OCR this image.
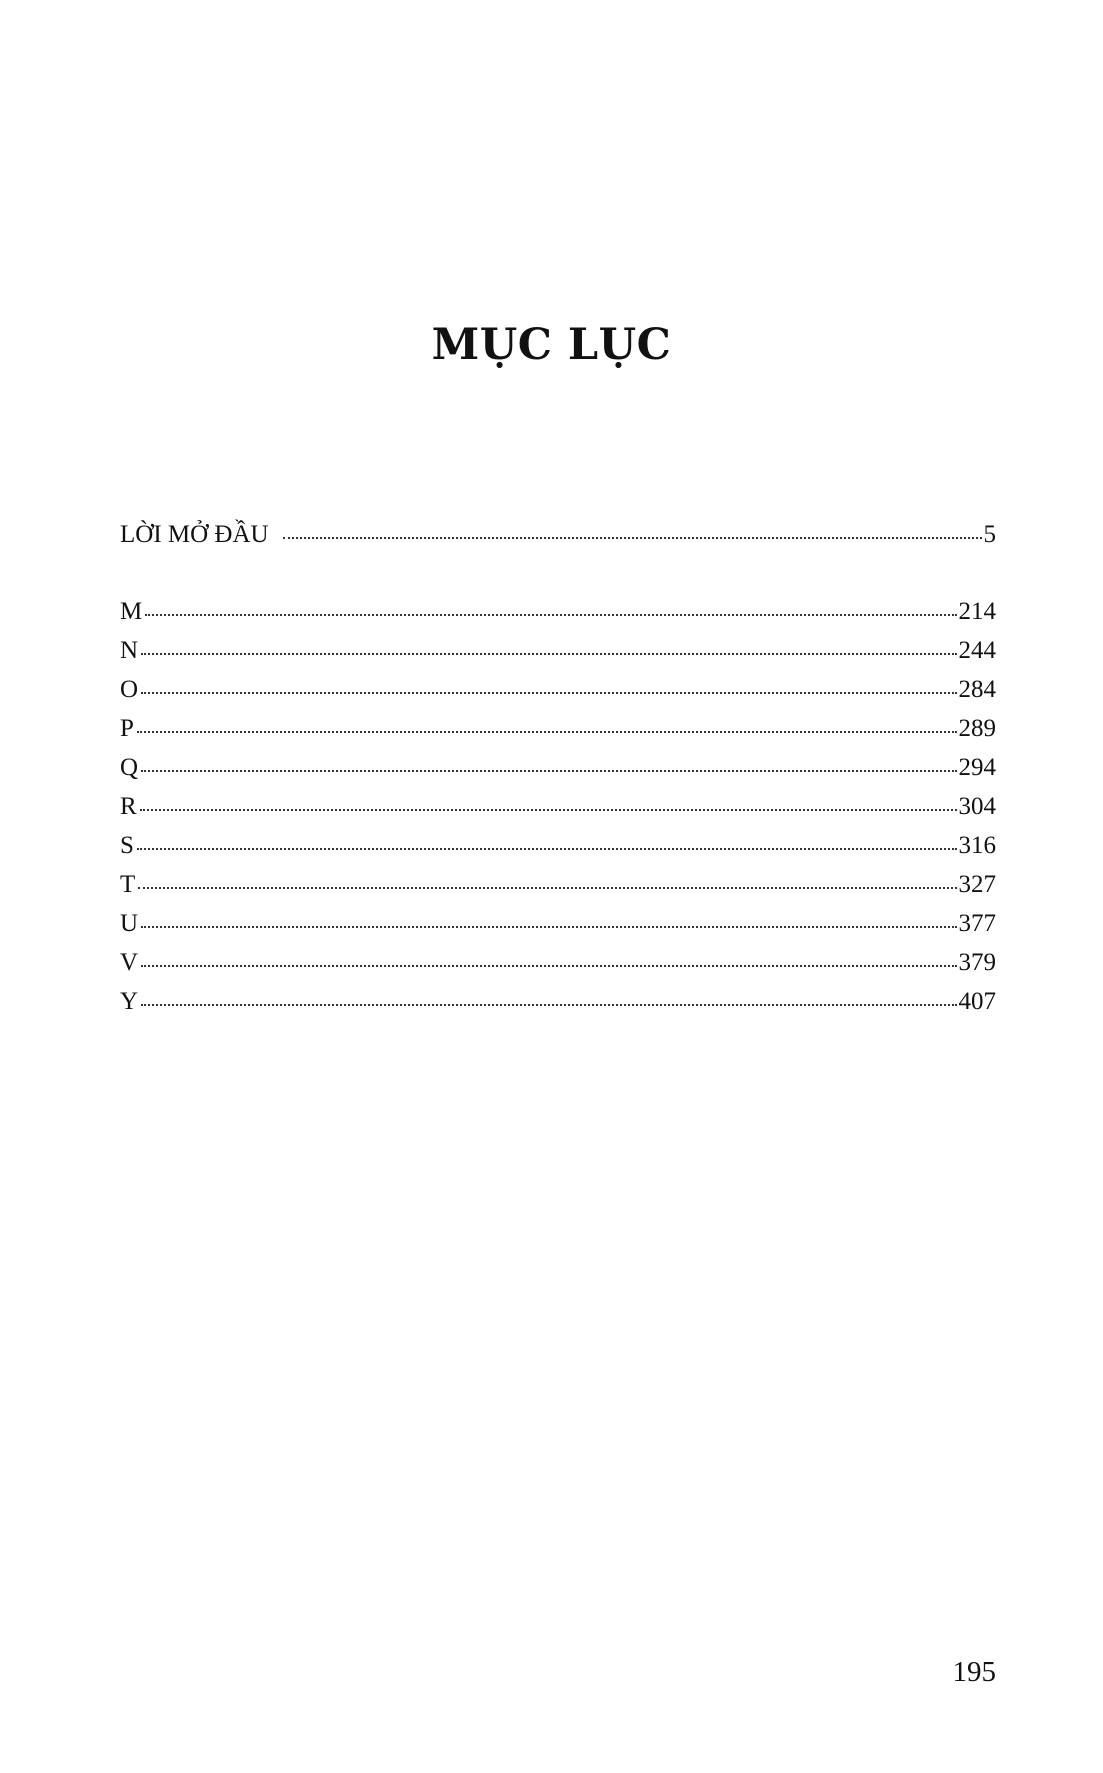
MỤC LỤC
LỜI MỞ ĐẦU	5
M	214
N	244
O	284
P	289
Q	294
R	304
S	316
T	327
U	377
V	379
Y	407
195
